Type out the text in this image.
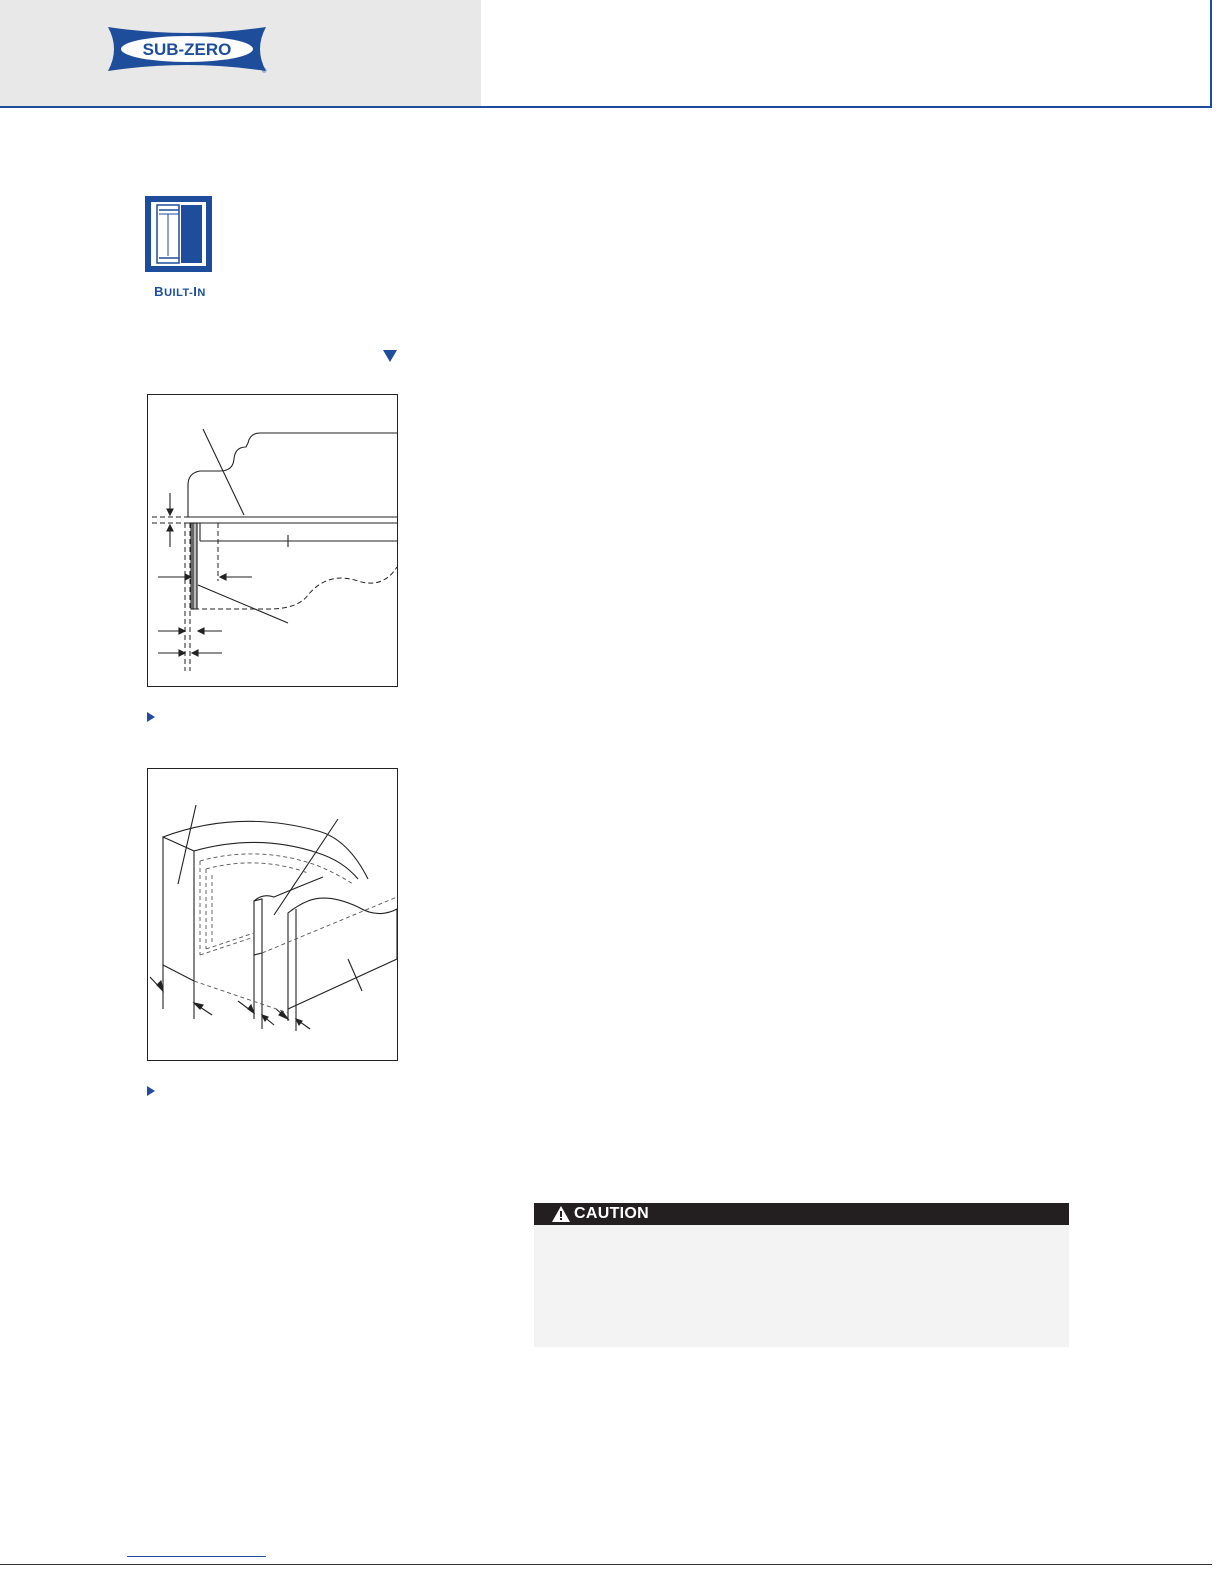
SUB-ZERO
®
BUILT-IN
CAUTION
